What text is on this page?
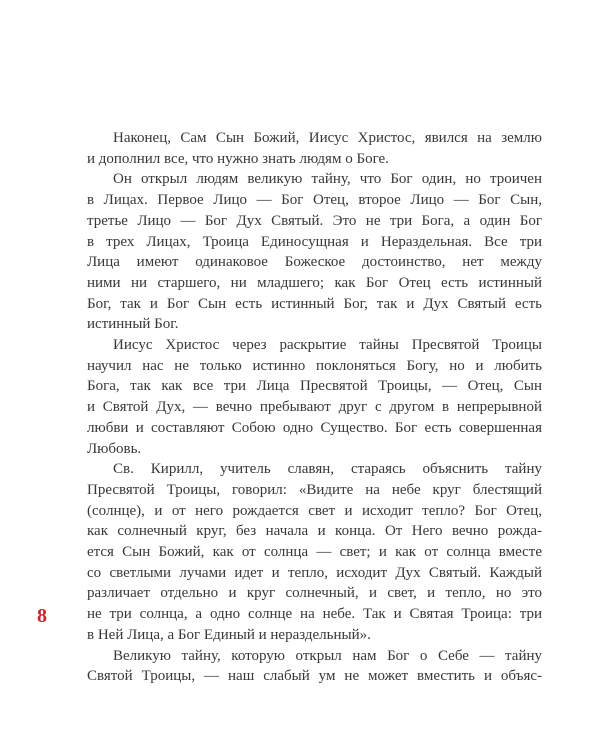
Наконец, Сам Сын Божий, Иисус Христос, явился на землю
и дополнил все, что нужно знать людям о Боге.
Он открыл людям великую тайну, что Бог один, но троичен
в Лицах. Первое Лицо — Бог Отец, второе Лицо — Бог Сын,
третье Лицо — Бог Дух Святый. Это не три Бога, а один Бог
в трех Лицах, Троица Единосущная и Нераздельная. Все три
Лица имеют одинаковое Божеское достоинство, нет между
ними ни старшего, ни младшего; как Бог Отец есть истинный
Бог, так и Бог Сын есть истинный Бог, так и Дух Святый есть
истинный Бог.
Иисус Христос через раскрытие тайны Пресвятой Троицы
научил нас не только истинно поклоняться Богу, но и любить
Бога, так как все три Лица Пресвятой Троицы, — Отец, Сын
и Святой Дух, — вечно пребывают друг с другом в непрерывной
любви и составляют Собою одно Существо. Бог есть совершенная
Любовь.
Св. Кирилл, учитель славян, стараясь объяснить тайну
Пресвятой Троицы, говорил: «Видите на небе круг блестящий
(солнце), и от него рождается свет и исходит тепло? Бог Отец,
как солнечный круг, без начала и конца. От Него вечно рожда-
ется Сын Божий, как от солнца — свет; и как от солнца вместе
со светлыми лучами идет и тепло, исходит Дух Святый. Каждый
различает отдельно и круг солнечный, и свет, и тепло, но это
не три солнца, а одно солнце на небе. Так и Святая Троица: три
в Ней Лица, а Бог Единый и нераздельный».
Великую тайну, которую открыл нам Бог о Себе — тайну
Святой Троицы, — наш слабый ум не может вместить и объяс-
8
